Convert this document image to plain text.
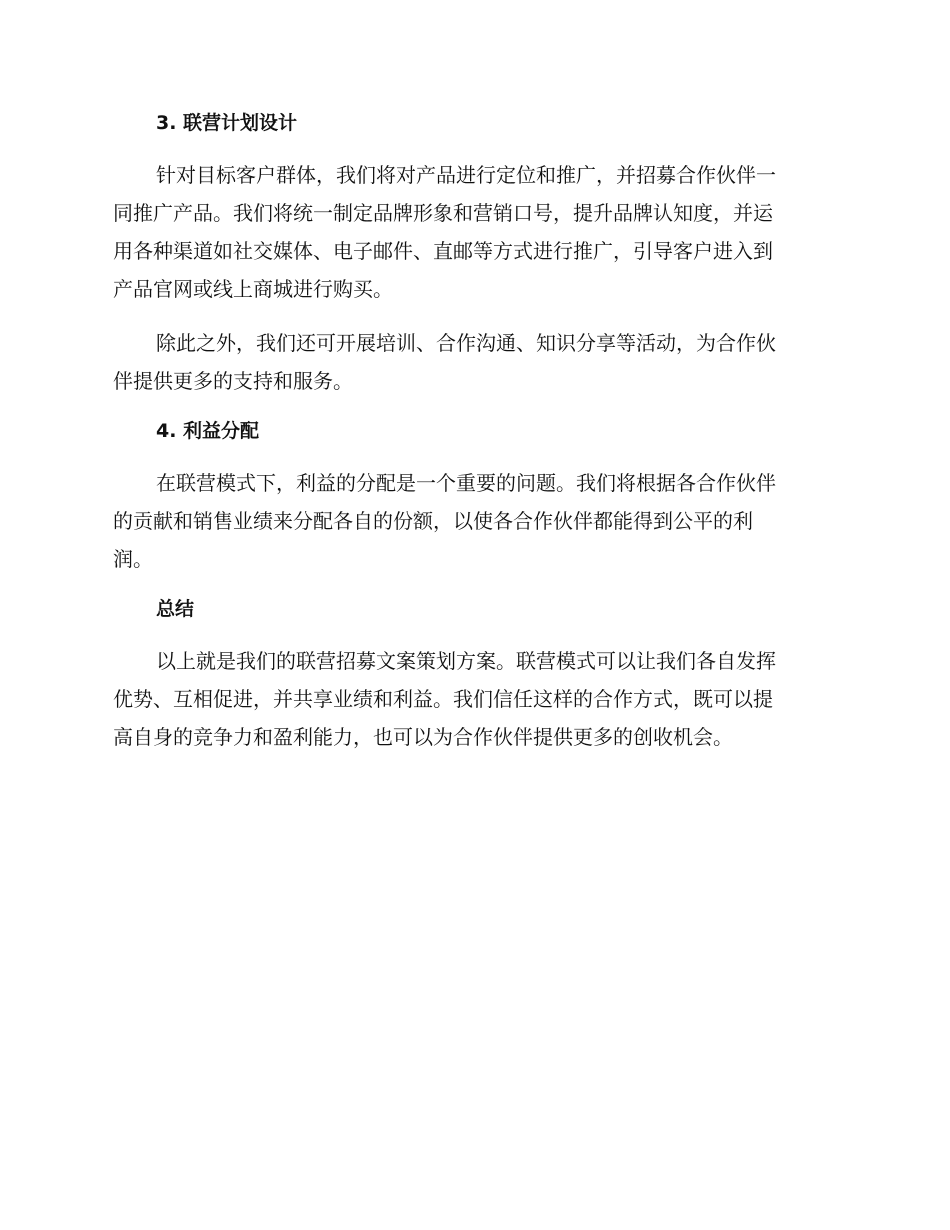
3. 联营计划设计
针对目标客户群体，我们将对产品进行定位和推广，并招募合作伙伴一
同推广产品。我们将统一制定品牌形象和营销口号，提升品牌认知度，并运
用各种渠道如社交媒体、电子邮件、直邮等方式进行推广，引导客户进入到
产品官网或线上商城进行购买。
除此之外，我们还可开展培训、合作沟通、知识分享等活动，为合作伙
伴提供更多的支持和服务。
4. 利益分配
在联营模式下，利益的分配是一个重要的问题。我们将根据各合作伙伴
的贡献和销售业绩来分配各自的份额，以使各合作伙伴都能得到公平的利
润。
总结
以上就是我们的联营招募文案策划方案。联营模式可以让我们各自发挥
优势、互相促进，并共享业绩和利益。我们信任这样的合作方式，既可以提
高自身的竞争力和盈利能力，也可以为合作伙伴提供更多的创收机会。
